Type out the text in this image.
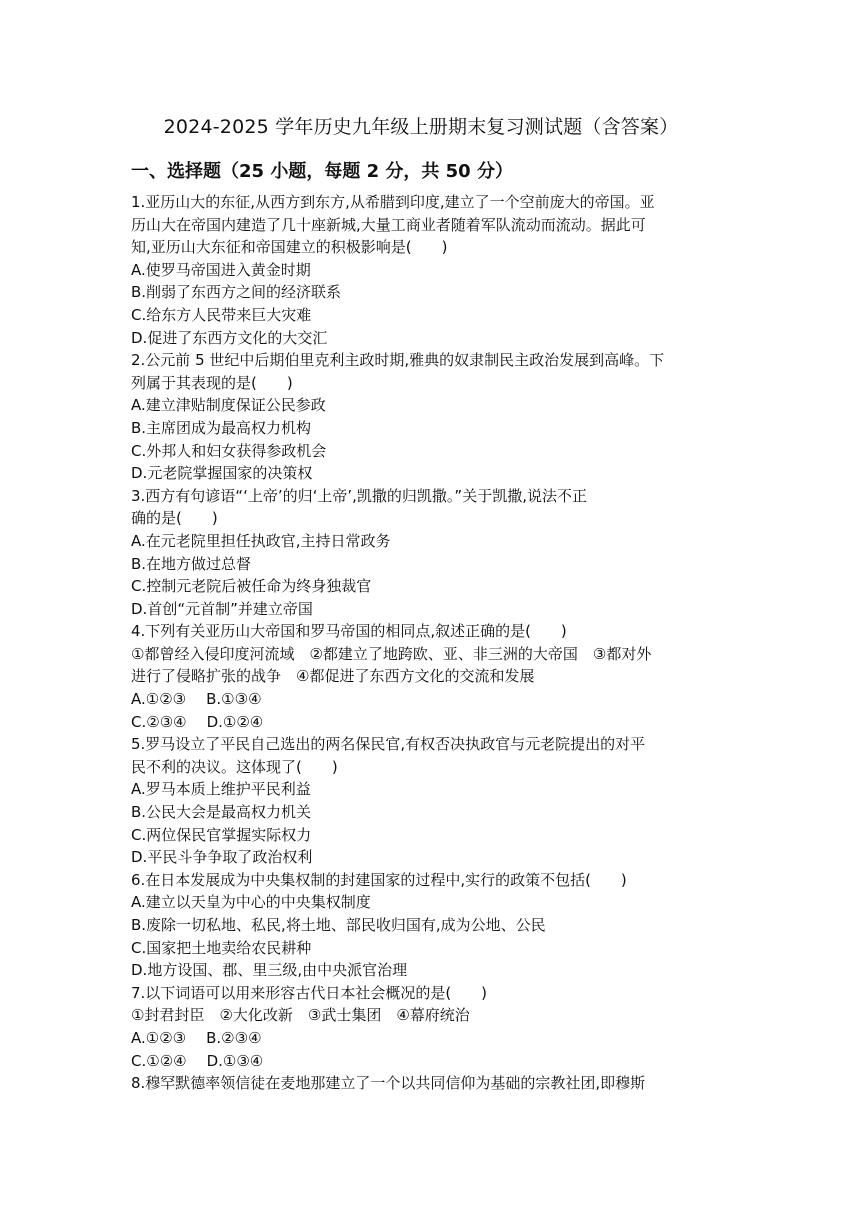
2024-2025 学年历史九年级上册期末复习测试题（含答案）
一、选择题（25 小题，每题 2 分，共 50 分）
1.亚历山大的东征,从西方到东方,从希腊到印度,建立了一个空前庞大的帝国。亚
历山大在帝国内建造了几十座新城,大量工商业者随着军队流动而流动。据此可
知,亚历山大东征和帝国建立的积极影响是(　　)
A.使罗马帝国进入黄金时期
B.削弱了东西方之间的经济联系
C.给东方人民带来巨大灾难
D.促进了东西方文化的大交汇
2.公元前 5 世纪中后期伯里克利主政时期,雅典的奴隶制民主政治发展到高峰。下
列属于其表现的是(　　)
A.建立津贴制度保证公民参政
B.主席团成为最高权力机构
C.外邦人和妇女获得参政机会
D.元老院掌握国家的决策权
3.西方有句谚语“‘上帝’的归‘上帝’,凯撒的归凯撒。”关于凯撒,说法不正
确的是(　　)
A.在元老院里担任执政官,主持日常政务
B.在地方做过总督
C.控制元老院后被任命为终身独裁官
D.首创“元首制”并建立帝国
4.下列有关亚历山大帝国和罗马帝国的相同点,叙述正确的是(　　)
①都曾经入侵印度河流域　②都建立了地跨欧、亚、非三洲的大帝国　③都对外
进行了侵略扩张的战争　④都促进了东西方文化的交流和发展
A.①②③ B.①③④
C.②③④ D.①②④
5.罗马设立了平民自己选出的两名保民官,有权否决执政官与元老院提出的对平
民不利的决议。这体现了(　　)
A.罗马本质上维护平民利益
B.公民大会是最高权力机关
C.两位保民官掌握实际权力
D.平民斗争争取了政治权利
6.在日本发展成为中央集权制的封建国家的过程中,实行的政策不包括(　　)
A.建立以天皇为中心的中央集权制度
B.废除一切私地、私民,将土地、部民收归国有,成为公地、公民
C.国家把土地卖给农民耕种
D.地方设国、郡、里三级,由中央派官治理
7.以下词语可以用来形容古代日本社会概况的是(　　)
①封君封臣　②大化改新　③武士集团　④幕府统治
A.①②③ B.②③④
C.①②④ D.①③④
8.穆罕默德率领信徒在麦地那建立了一个以共同信仰为基础的宗教社团,即穆斯
